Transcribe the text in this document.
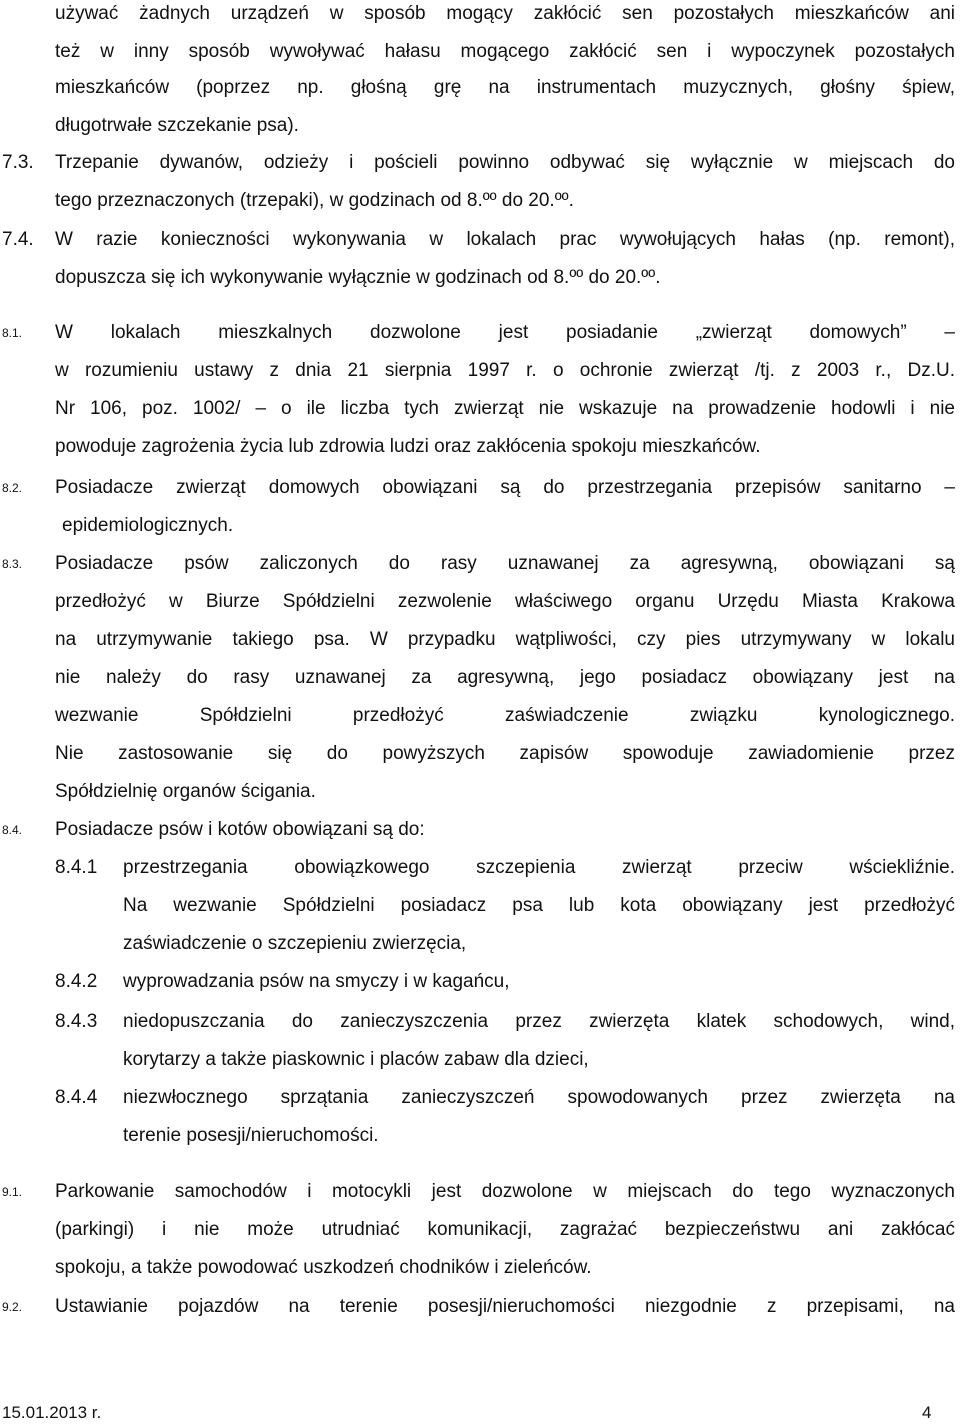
używać żadnych urządzeń w sposób mogący zakłócić sen pozostałych mieszkańców ani
też w inny sposób wywoływać hałasu mogącego zakłócić sen i wypoczynek pozostałych
mieszkańców (poprzez np. głośną grę na instrumentach muzycznych, głośny śpiew,
długotrwałe szczekanie psa).
7.3. Trzepanie dywanów, odzieży i pościeli powinno odbywać się wyłącznie w miejscach do
tego przeznaczonych (trzepaki), w godzinach od 8.ºº do 20.ºº.
7.4. W razie konieczności wykonywania w lokalach prac wywołujących hałas (np. remont),
dopuszcza się ich wykonywanie wyłącznie w godzinach od 8.ºº do 20.ºº.
8.1. W lokalach mieszkalnych dozwolone jest posiadanie „zwierząt domowych” –
w rozumieniu ustawy z dnia 21 sierpnia 1997 r. o ochronie zwierząt /tj. z 2003 r., Dz.U.
Nr 106, poz. 1002/ – o ile liczba tych zwierząt nie wskazuje na prowadzenie hodowli i nie
powoduje zagrożenia życia lub zdrowia ludzi oraz zakłócenia spokoju mieszkańców.
8.2. Posiadacze zwierząt domowych obowiązani są do przestrzegania przepisów sanitarno –
epidemiologicznych.
8.3. Posiadacze psów zaliczonych do rasy uznawanej za agresywną, obowiązani są
przedłożyć w Biurze Spółdzielni zezwolenie właściwego organu Urzędu Miasta Krakowa
na utrzymywanie takiego psa. W przypadku wątpliwości, czy pies utrzymywany w lokalu
nie należy do rasy uznawanej za agresywną, jego posiadacz obowiązany jest na
wezwanie Spółdzielni przedłożyć zaświadczenie związku kynologicznego.
Nie zastosowanie się do powyższych zapisów spowoduje zawiadomienie przez
Spółdzielnię organów ścigania.
8.4. Posiadacze psów i kotów obowiązani są do:
8.4.1 przestrzegania obowiązkowego szczepienia zwierząt przeciw wściekliźnie.
Na wezwanie Spółdzielni posiadacz psa lub kota obowiązany jest przedłożyć
zaświadczenie o szczepieniu zwierzęcia,
8.4.2 wyprowadzania psów na smyczy i w kagańcu,
8.4.3 niedopuszczania do zanieczyszczenia przez zwierzęta klatek schodowych, wind,
korytarzy a także piaskownic i placów zabaw dla dzieci,
8.4.4 niezwłocznego sprzątania zanieczyszczeń spowodowanych przez zwierzęta na
terenie posesji/nieruchomości.
9.1. Parkowanie samochodów i motocykli jest dozwolone w miejscach do tego wyznaczonych
(parkingi) i nie może utrudniać komunikacji, zagrażać bezpieczeństwu ani zakłócać
spokoju, a także powodować uszkodzeń chodników i zieleńców.
9.2. Ustawianie pojazdów na terenie posesji/nieruchomości niezgodnie z przepisami, na
15.01.2013 r.	4
